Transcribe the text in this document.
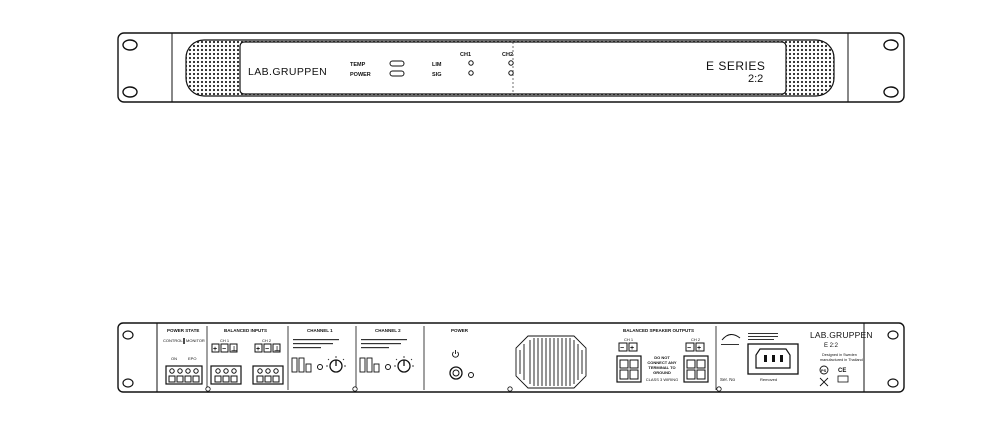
LAB.GRUPPEN
TEMP
POWER
CH1	CH2
LIM
SIG
E SERIES
2:2
POWER STATE
CONTROL MONITOR
ON	EPO
BALANCED INPUTS
CH 1	CH 2
+ − ⊥	+ − ⊥
CHANNEL 1	CHANNEL 2	POWER	BALANCED SPEAKER OUTPUTS
CH 1	CH 2
− +	− +
DO NOT
CONNECT ANY
TERMINAL TO
GROUND
CLASS 3 WIRING
LAB.GRUPPEN
E 2:2
Designed in Sweden
manufactured in Thailand
Ser. No	Removed
PS CE
